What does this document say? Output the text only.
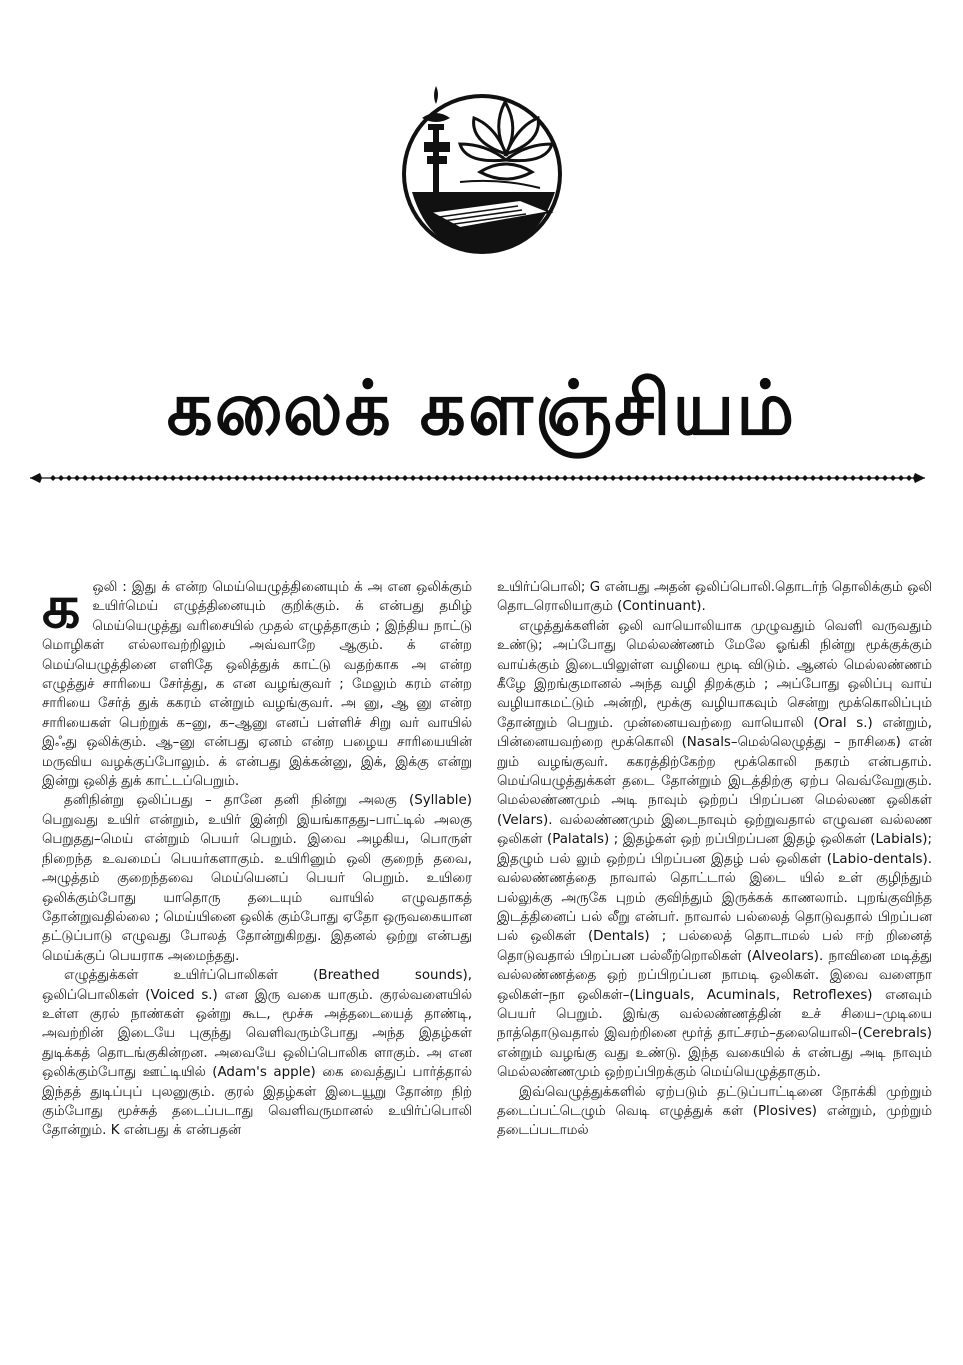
கலைக் களஞ்சியம்

கஒலி : இது க் என்ற மெய்யெழுத்தினையும் க் அ என ஒலிக்கும் உயிர்மெய் எழுத்தினையும் குறிக்கும். க் என்பது தமிழ் மெய்யெழுத்து வரிசையில் முதல் எழுத்தாகும் ; இந்திய நாட்டு மொழிகள் எல்லாவற்றிலும் அவ்வாறே ஆகும். க் என்ற மெய்யெழுத்தினை எளிதே ஒலித்துக் காட்டு வதற்காக அ என்ற எழுத்துச் சாரியை சேர்த்து, க என வழங்குவர் ; மேலும் கரம் என்ற சாரியை சேர்த் துக் ககரம் என்றும் வழங்குவர். அ னு, ஆ னு என்ற சாரியைகள் பெற்றுக் க–னு, க–ஆனு எனப் பள்ளிச் சிறு வர் வாயில் இஃது ஒலிக்கும். ஆ–னு என்பது ஏனம் என்ற பழைய சாரியையின் மருவிய வழக்குப்போலும். க் என்பது இக்கன்னு, இக், இக்கு என்று இன்று ஒலித் துக் காட்டப்பெறும்.

தனிநின்று ஒலிப்பது – தானே தனி நின்று அலகு (Syllable) பெறுவது உயிர் என்றும், உயிர் இன்றி இயங்காதது–பாட்டில் அலகு பெறுதது–மெய் என்றும் பெயர் பெறும். இவை அழகிய, பொருள் நிறைந்த உவமைப் பெயர்களாகும். உயிரினும் ஒலி குறைந் தவை, அழுத்தம் குறைந்தவை மெய்யெனப் பெயர் பெறும். உயிரை ஒலிக்கும்போது யாதொரு தடையும் வாயில் எழுவதாகத் தோன்றுவதில்லை ; மெய்யினை ஒலிக் கும்போது ஏதோ ஒருவகையான தட்டுப்பாடு எழுவது போலத் தோன்றுகிறது. இதனல் ஒற்று என்பது மெய்க்குப் பெயராக அமைந்தது.

எழுத்துக்கள் உயிர்ப்பொலிகள் (Breathed sounds), ஒலிப்பொலிகள் (Voiced s.) என இரு வகை யாகும். குரல்வளையில் உள்ள குரல் நாண்கள் ஒன்று கூட, மூச்சு அத்தடையைத் தாண்டி, அவற்றின் இடையே புகுந்து வெளிவரும்போது அந்த இதழ்கள் துடிக்கத் தொடங்குகின்றன. அவையே ஒலிப்பொலிக ளாகும். அ என ஒலிக்கும்போது ஊட்டியில் (Adam's apple) கை வைத்துப் பார்த்தால் இந்தத் துடிப்புப் புலனுகும். குரல் இதழ்கள் இடையூறு தோன்ற நிற் கும்போது மூச்சுத் தடைப்படாது வெளிவருமானல் உயிர்ப்பொலி தோன்றும். K என்பது க் என்பதன்

உயிர்ப்பொலி; G என்பது அதன் ஒலிப்பொலி.தொடர்ந் தொலிக்கும் ஒலி தொடரொலியாகும் (Continuant).

எழுத்துக்களின் ஒலி வாயொலியாக முழுவதும் வெளி வருவதும் உண்டு; அப்போது மெல்லண்ணம் மேலே ஓங்கி நின்று மூக்குக்கும் வாய்க்கும் இடையிலுள்ள வழியை மூடி விடும். ஆனல் மெல்லண்ணம் கீழே இறங்குமானல் அந்த வழி திறக்கும் ; அப்போது ஒலிப்பு வாய் வழியாகமட்டும் அன்றி, மூக்கு வழியாகவும் சென்று மூக்கொலிப்பும் தோன்றும் பெறும். முன்னையவற்றை வாயொலி (Oral s.) என்றும், பின்னையவற்றை மூக்கொலி (Nasals–மெல்லெழுத்து – நாசிகை) என் றும் வழங்குவர். ககரத்திற்கேற்ற மூக்கொலி நகரம் என்பதாம். மெய்யெழுத்துக்கள் தடை தோன்றும் இடத்திற்கு ஏற்ப வெவ்வேறுகும். மெல்லண்ணமும் அடி நாவும் ஒற்றப் பிறப்பன மெல்லண ஒலிகள் (Velars). வல்லண்ணமும் இடைநாவும் ஒற்றுவதால் எழுவன வல்லண ஒலிகள் (Palatals) ; இதழ்கள் ஒற் றப்பிறப்பன இதழ் ஒலிகள் (Labials); இதழும் பல் லும் ஒற்றப் பிறப்பன இதழ் பல் ஒலிகள் (Labio-dentals). வல்லண்ணத்தை நாவால் தொட்டால் இடை யில் உள் குழிந்தும் பல்லுக்கு அருகே புறம் குவிந்தும் இருக்கக் காணலாம். புறங்குவிந்த இடத்தினைப் பல் லீறு என்பர். நாவால் பல்லைத் தொடுவதால் பிறப்பன பல் ஒலிகள் (Dentals) ; பல்லைத் தொடாமல் பல் ஈற் றினைத் தொடுவதால் பிறப்பன பல்லீற்றொலிகள் (Alveolars). நாவினை மடித்து வல்லண்ணத்தை ஒற் றப்பிறப்பன நாமடி ஒலிகள். இவை வளைநா ஒலிகள்–நா ஒலிகள்–(Linguals, Acuminals, Retroflexes) எனவும் பெயர் பெறும். இங்கு வல்லண்ணத்தின் உச் சியை–முடியை நாத்தொடுவதால் இவற்றினை மூர்த் தாட்சரம்–தலையொலி–(Cerebrals) என்றும் வழங்கு வது உண்டு. இந்த வகையில் க் என்பது அடி நாவும் மெல்லண்ணமும் ஒற்றப்பிறக்கும் மெய்யெழுத்தாகும்.

இவ்வெழுத்துக்களில் ஏற்படும் தட்டுப்பாட்டினை நோக்கி முற்றும் தடைப்பட்டெழும் வெடி எழுத்துக் கள் (Plosives) என்றும், முற்றும் தடைப்படாமல்
